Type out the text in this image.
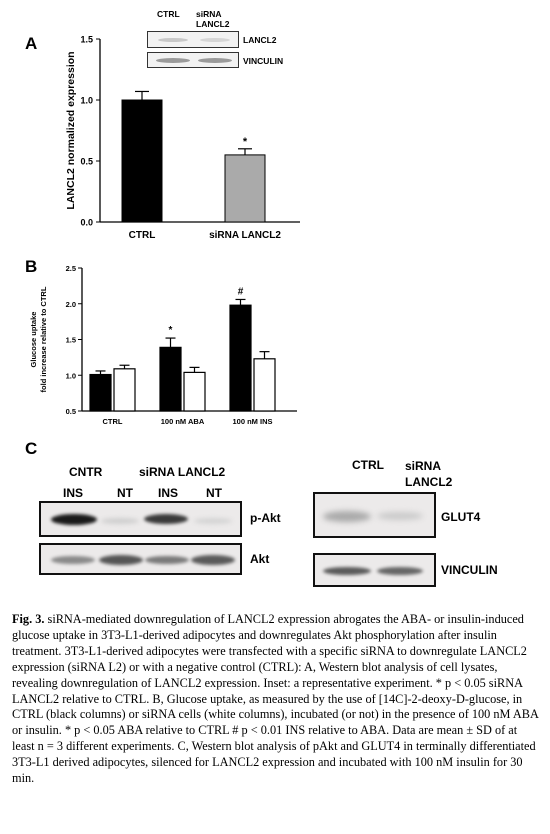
A
CTRL siRNA LANCL2
LANCL2
VINCULIN
0.0
0.5
1.0
1.5
LANCL2 normalized expression
CTRL	siRNA LANCL2
*
B
0.5
1.0
1.5
2.0
2.5
Glucose uptake fold increase relative to CTRL
CTRL	100 nM ABA	100 nM INS
*
#
C
CNTR	siRNA LANCL2
INS	NT INS NT
p-Akt
Akt
CTRL siRNA LANCL2
GLUT4
VINCULIN
Fig. 3. siRNA-mediated downregulation of LANCL2 expression abrogates the ABA- or insulin-induced glucose uptake in 3T3-L1-derived adipocytes and downregulates Akt phosphorylation after insulin treatment. 3T3-L1-derived adipocytes were transfected with a specific siRNA to downregulate LANCL2 expression (siRNA L2) or with a negative control (CTRL): A, Western blot analysis of cell lysates, revealing downregulation of LANCL2 expression. Inset: a representative experiment. * p < 0.05 siRNA LANCL2 relative to CTRL. B, Glucose uptake, as measured by the use of [14C]-2-deoxy-D-glucose, in CTRL (black columns) or siRNA cells (white columns), incubated (or not) in the presence of 100 nM ABA or insulin. * p < 0.05 ABA relative to CTRL # p < 0.01 INS relative to ABA. Data are mean ± SD of at least n = 3 different experiments. C, Western blot analysis of pAkt and GLUT4 in terminally differentiated 3T3-L1 derived adipocytes, silenced for LANCL2 expression and incubated with 100 nM insulin for 30 min.
